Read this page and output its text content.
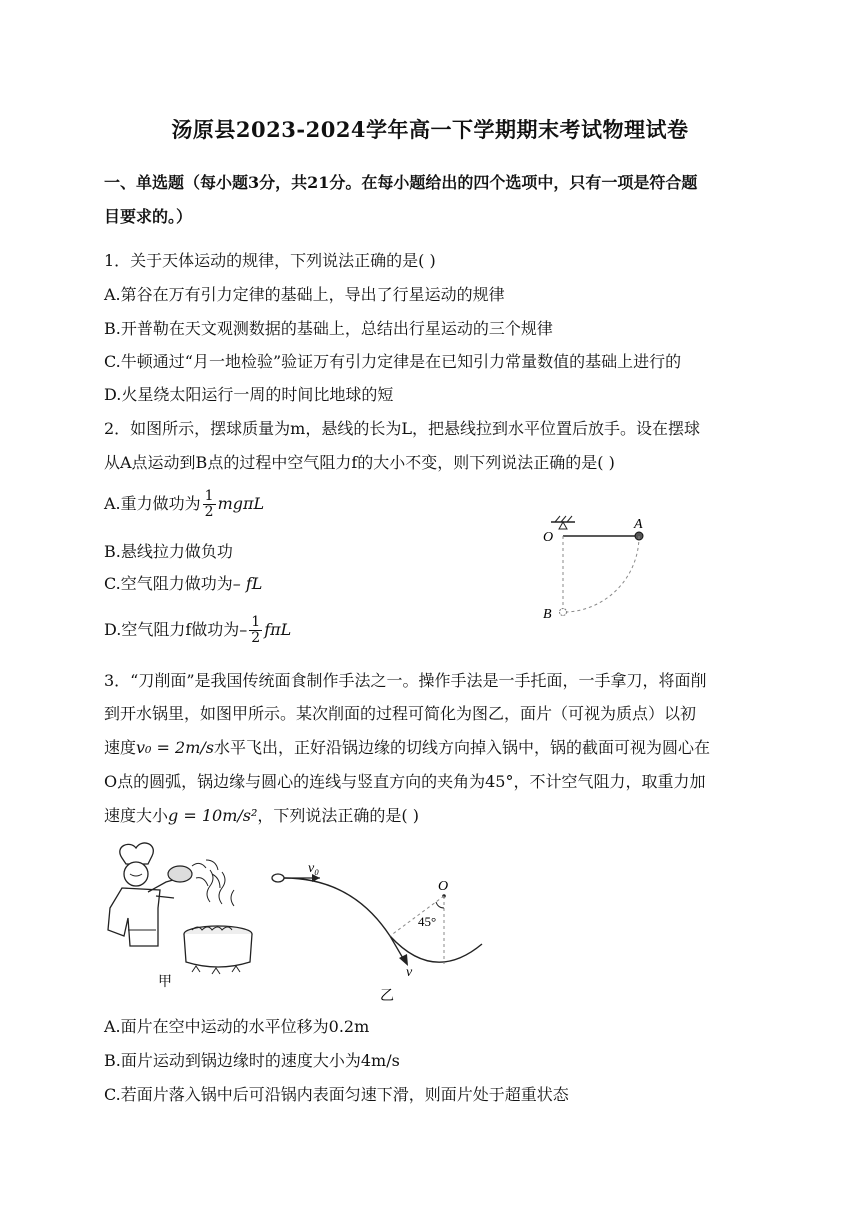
汤原县2023-2024学年高一下学期期末考试物理试卷
一、单选题（每小题3分，共21分。在每小题给出的四个选项中，只有一项是符合题
目要求的。）
1．关于天体运动的规律，下列说法正确的是( )
A.第谷在万有引力定律的基础上，导出了行星运动的规律
B.开普勒在天文观测数据的基础上，总结出行星运动的三个规律
C.牛顿通过“月一地检验”验证万有引力定律是在已知引力常量数值的基础上进行的
D.火星绕太阳运行一周的时间比地球的短
2．如图所示，摆球质量为m，悬线的长为L，把悬线拉到水平位置后放手。设在摆球
从A点运动到B点的过程中空气阻力f的大小不变，则下列说法正确的是( )
A.重力做功为 $\frac{1}{2}$ mgπL
B.悬线拉力做负功
C.空气阻力做功为– fL
D.空气阻力f做功为– $\frac{1}{2}$ fπL
O
A
B
3．“刀削面”是我国传统面食制作手法之一。操作手法是一手托面，一手拿刀，将面削
到开水锅里，如图甲所示。某次削面的过程可简化为图乙，面片（可视为质点）以初
速度v₀ = 2m/s水平飞出，正好沿锅边缘的切线方向掉入锅中，锅的截面可视为圆心在
O点的圆弧，锅边缘与圆心的连线与竖直方向的夹角为45°，不计空气阻力，取重力加
速度大小g = 10m/s²，下列说法正确的是( )
甲
v₀
v
O
45°
乙
A.面片在空中运动的水平位移为0.2m
B.面片运动到锅边缘时的速度大小为4m/s
C.若面片落入锅中后可沿锅内表面匀速下滑，则面片处于超重状态
